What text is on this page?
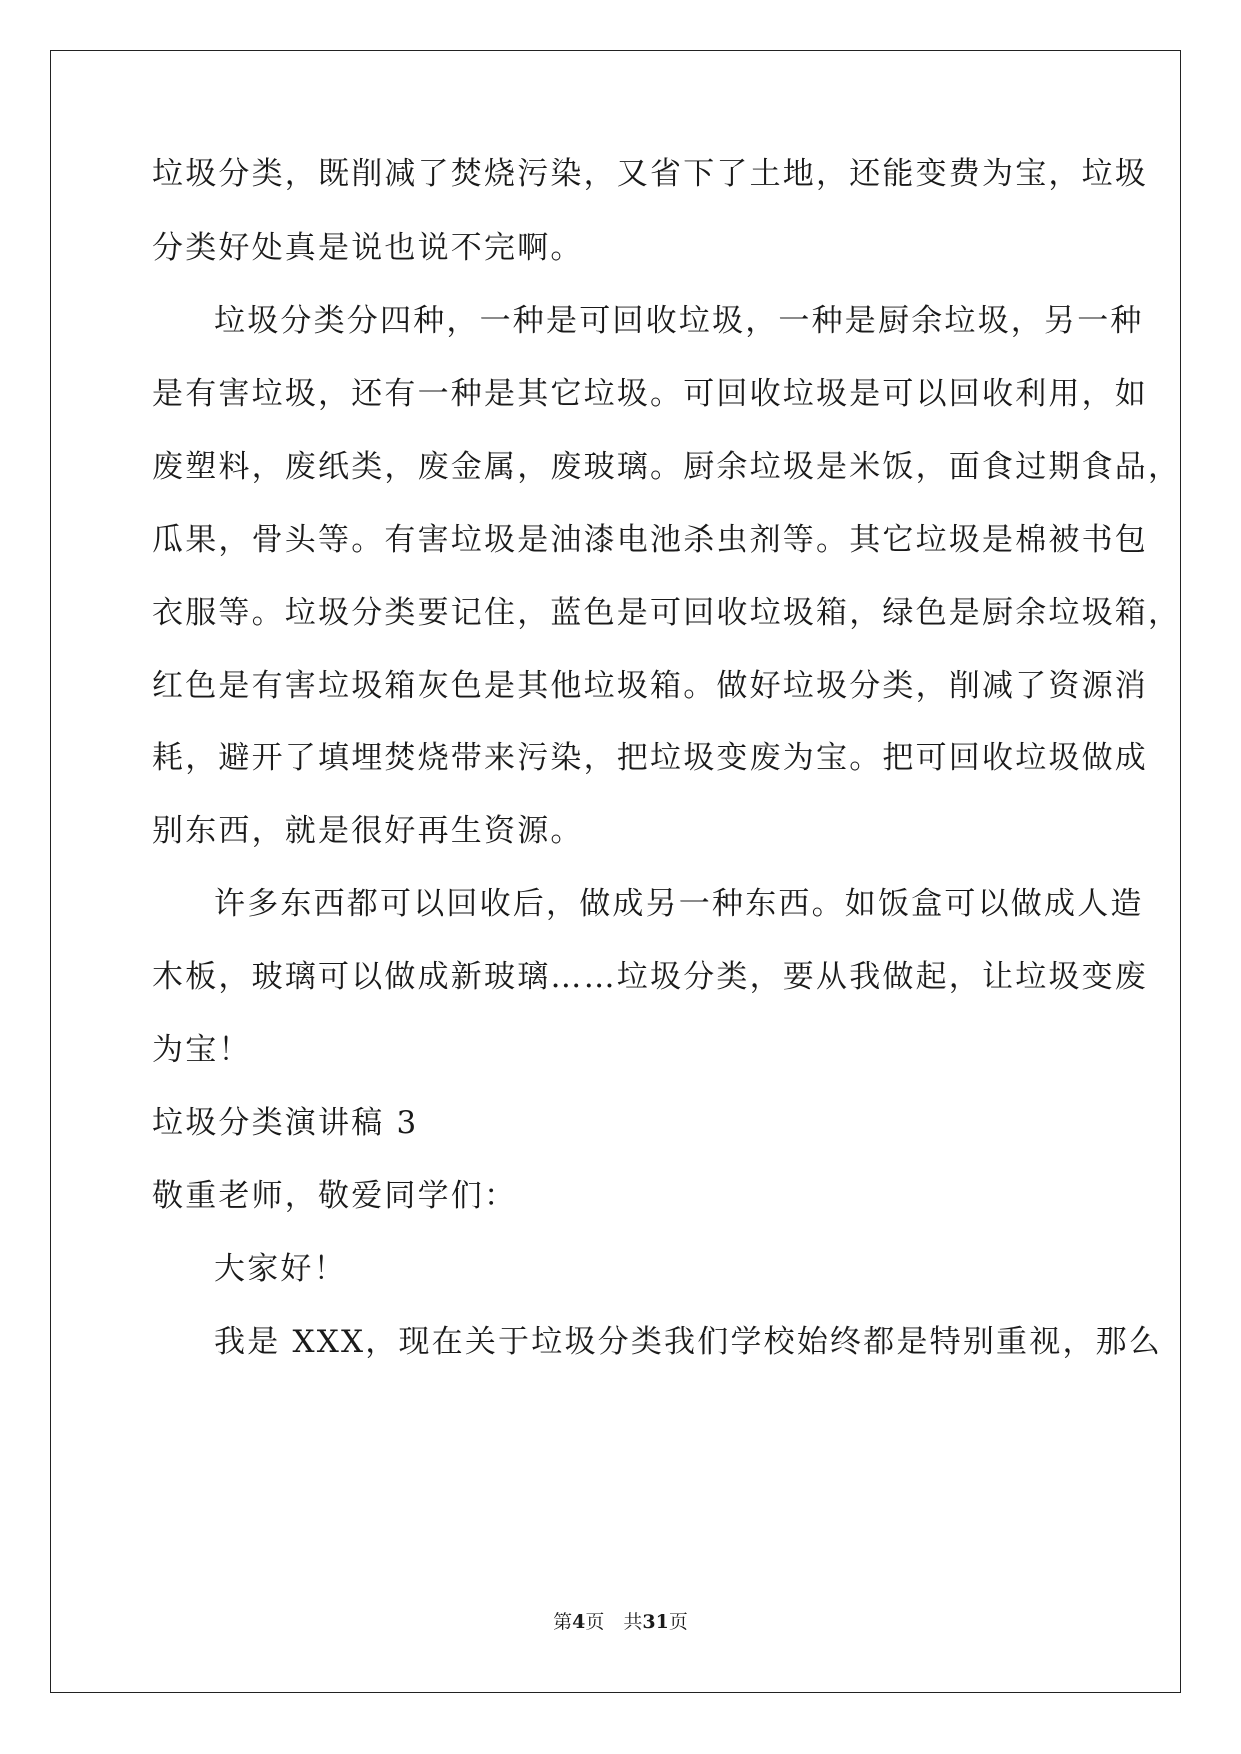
垃圾分类，既削减了焚烧污染，又省下了土地，还能变费为宝，垃圾
分类好处真是说也说不完啊。
垃圾分类分四种，一种是可回收垃圾，一种是厨余垃圾，另一种
是有害垃圾，还有一种是其它垃圾。可回收垃圾是可以回收利用，如
废塑料，废纸类，废金属，废玻璃。厨余垃圾是米饭，面食过期食品，
瓜果，骨头等。有害垃圾是油漆电池杀虫剂等。其它垃圾是棉被书包
衣服等。垃圾分类要记住，蓝色是可回收垃圾箱，绿色是厨余垃圾箱，
红色是有害垃圾箱灰色是其他垃圾箱。做好垃圾分类，削减了资源消
耗，避开了填埋焚烧带来污染，把垃圾变废为宝。把可回收垃圾做成
别东西，就是很好再生资源。
许多东西都可以回收后，做成另一种东西。如饭盒可以做成人造
木板，玻璃可以做成新玻璃……垃圾分类，要从我做起，让垃圾变废
为宝！
垃圾分类演讲稿 3
敬重老师，敬爱同学们：
大家好！
我是 XXX，现在关于垃圾分类我们学校始终都是特别重视，那么
第4页　共31页
